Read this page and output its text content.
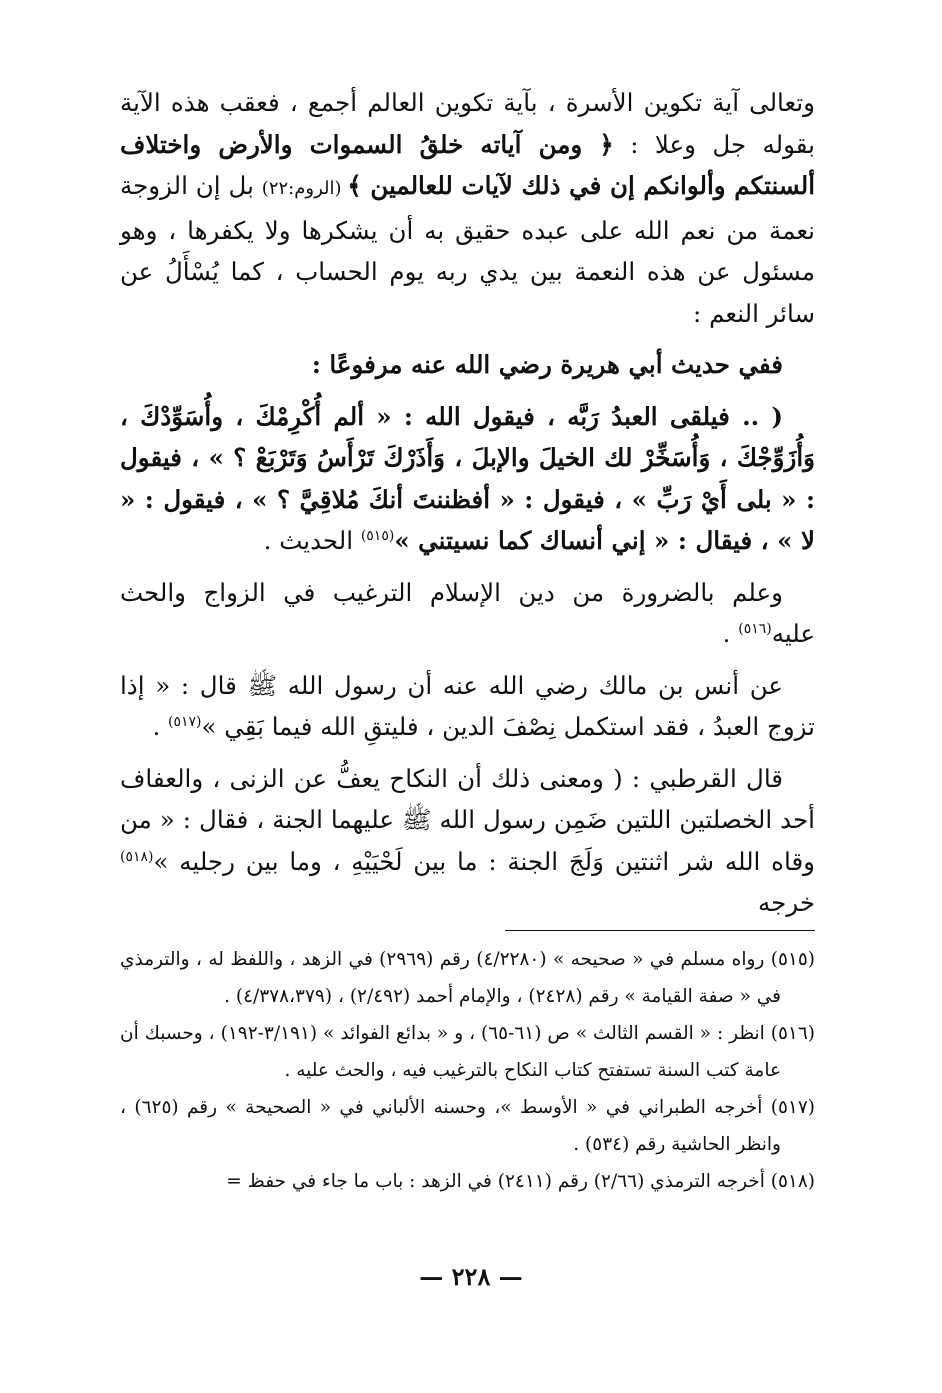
وتعالى آية تكوين الأسرة ، بآية تكوين العالم أجمع ، فعقب هذه الآية بقوله جل وعلا : ﴿ ومن آياته خلقُ السموات والأرض واختلاف ألسنتكم وألوانكم إن في ذلك لآيات للعالمين ﴾ (الروم:٢٢) بل إن الزوجة نعمة من نعم الله على عبده حقيق به أن يشكرها ولا يكفرها ، وهو مسئول عن هذه النعمة بين يدي ربه يوم الحساب ، كما يُسْأَلُ عن سائر النعم :

ففي حديث أبي هريرة رضي الله عنه مرفوعًا :

( .. فيلقى العبدُ رَبَّه ، فيقول الله : « ألم أُكْرِمْكَ ، وأُسَوِّدْكَ ، وَأُزَوِّجْكَ ، وَأُسَخِّرْ لك الخيلَ والإبلَ ، وَأَذَرْكَ تَرْأَسُ وَتَرْبَعْ ؟ » ، فيقول : « بلى أَيْ رَبِّ » ، فيقول : « أفظننتَ أنكَ مُلاقِيَّ ؟ » ، فيقول : « لا » ، فيقال : « إني أنساك كما نسيتني »$^{(٥١٥)}$ الحديث .

وعلم بالضرورة من دين الإسلام الترغيب في الزواج والحث عليه$^{(٥١٦)}$ .

عن أنس بن مالك رضي الله عنه أن رسول الله ﷺ قال : « إذا تزوج العبدُ ، فقد استكمل نِصْفَ الدين ، فليتقِ الله فيما بَقِي »$^{(٥١٧)}$ .

قال القرطبي : ( ومعنى ذلك أن النكاح يعفُّ عن الزنى ، والعفاف أحد الخصلتين اللتين ضَمِن رسول الله ﷺ عليهما الجنة ، فقال : « من وقاه الله شر اثنتين وَلَجَ الجنة : ما بين لَحْيَيْهِ ، وما بين رجليه »$^{(٥١٨)}$ خرجه

(٥١٥) رواه مسلم في « صحيحه » (٤/٢٢٨٠) رقم (٢٩٦٩) في الزهد ، واللفظ له ، والترمذي في « صفة القيامة » رقم (٢٤٢٨) ، والإمام أحمد (٢/٤٩٢) ، (٤/٣٧٨،٣٧٩) .

(٥١٦) انظر : « القسم الثالث » ص (٦١-٦٥) ، و « بدائع الفوائد » (٣/١٩١-١٩٢) ، وحسبك أن عامة كتب السنة تستفتح كتاب النكاح بالترغيب فيه ، والحث عليه .

(٥١٧) أخرجه الطبراني في « الأوسط »، وحسنه الألباني في « الصحيحة » رقم (٦٢٥) ، وانظر الحاشية رقم (٥٣٤) .

(٥١٨) أخرجه الترمذي (٢/٦٦) رقم (٢٤١١) في الزهد : باب ما جاء في حفظ =

— ٢٢٨ —
